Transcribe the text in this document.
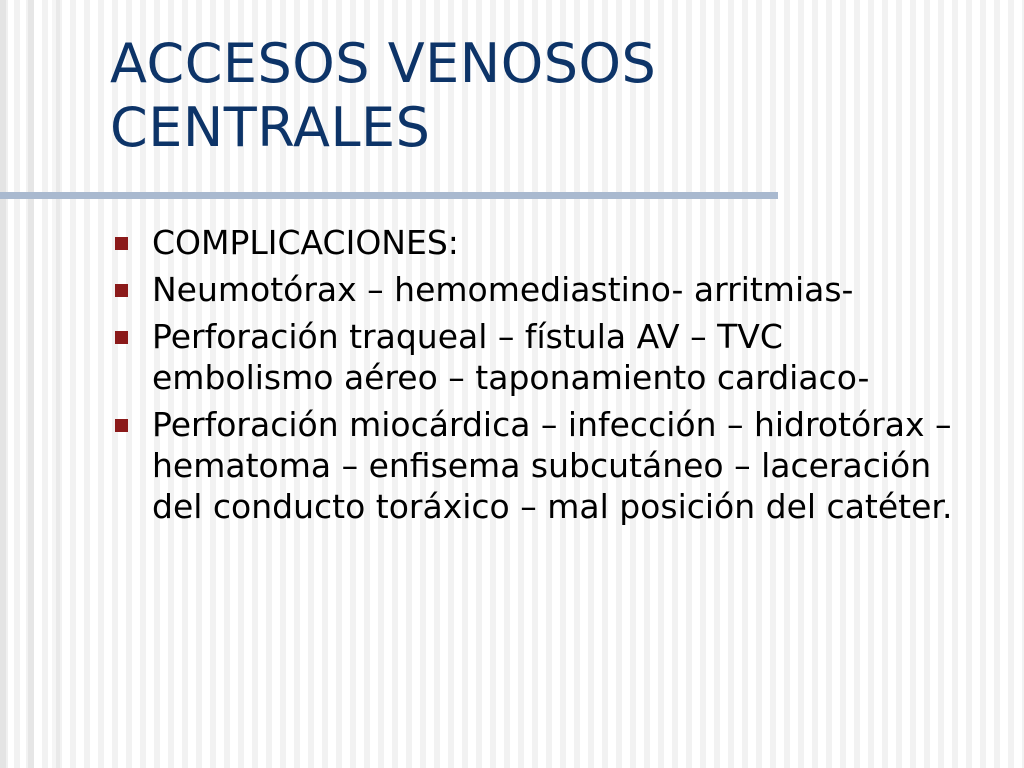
ACCESOS VENOSOS CENTRALES
COMPLICACIONES:
Neumotórax – hemomediastino- arritmias-
Perforación traqueal – fístula AV – TVC embolismo aéreo – taponamiento cardiaco-
Perforación miocárdica – infección – hidrotórax – hematoma – enfisema subcutáneo – laceración del conducto toráxico – mal posición del catéter.
